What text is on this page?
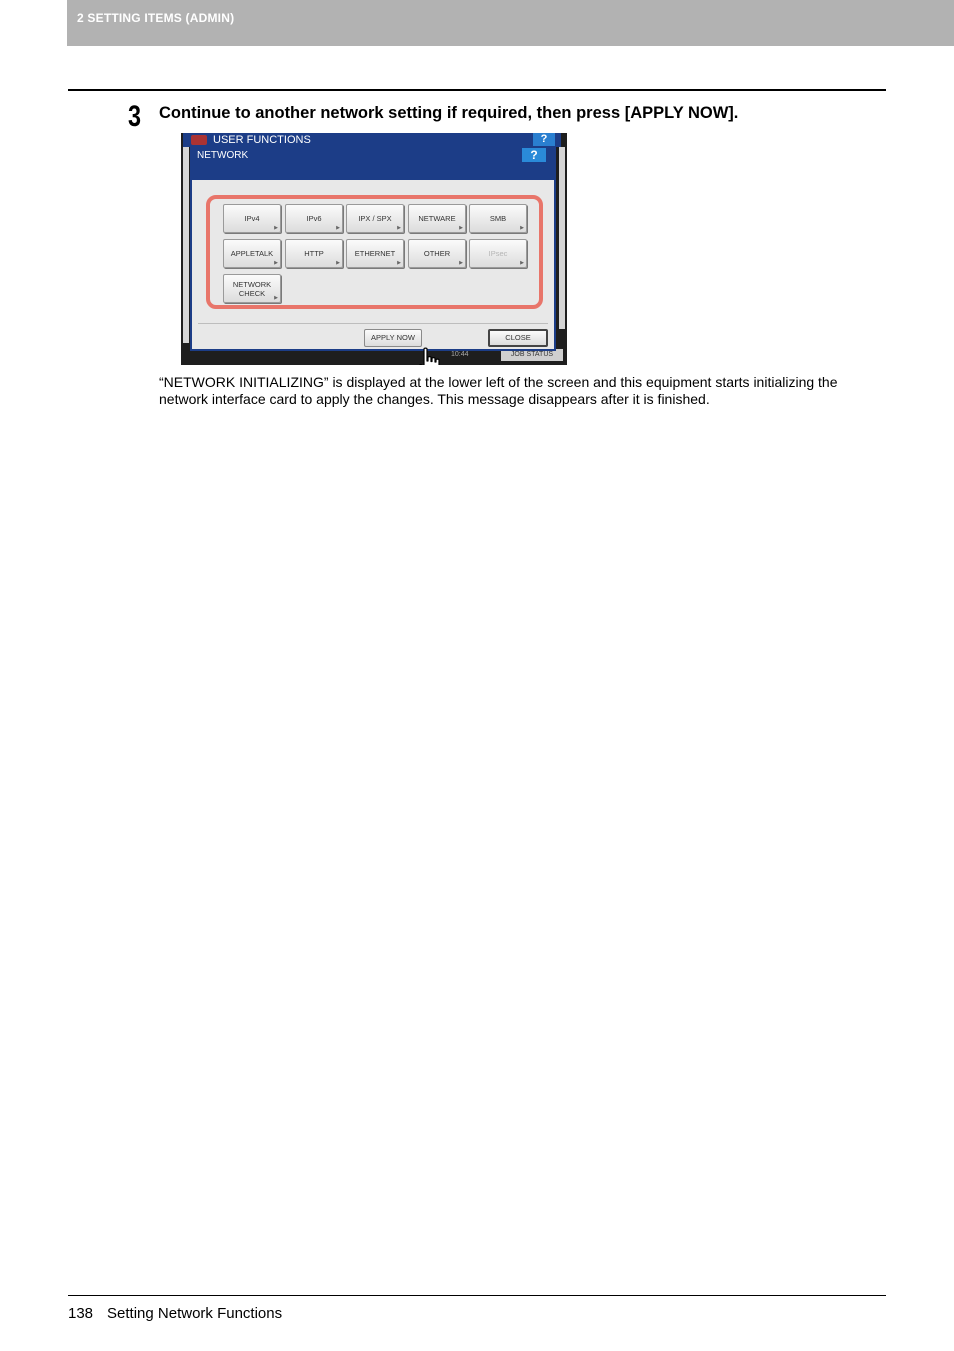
2 SETTING ITEMS (ADMIN)
3 Continue to another network setting if required, then press [APPLY NOW].
USER FUNCTIONS	?
10:44	JOB STATUS
NETWORK	?
IPv4
▶
IPv6
▶
IPX / SPX
▶
NETWARE
▶
SMB
▶
APPLETALK
▶
HTTP
▶
ETHERNET
▶
OTHER
▶
IPsec
▶
NETWORK
CHECK ▶
APPLY NOW	CLOSE
“NETWORK INITIALIZING” is displayed at the lower left of the screen and this equipment starts initializing the network interface card to apply the changes. This message disappears after it is finished.
138 Setting Network Functions
